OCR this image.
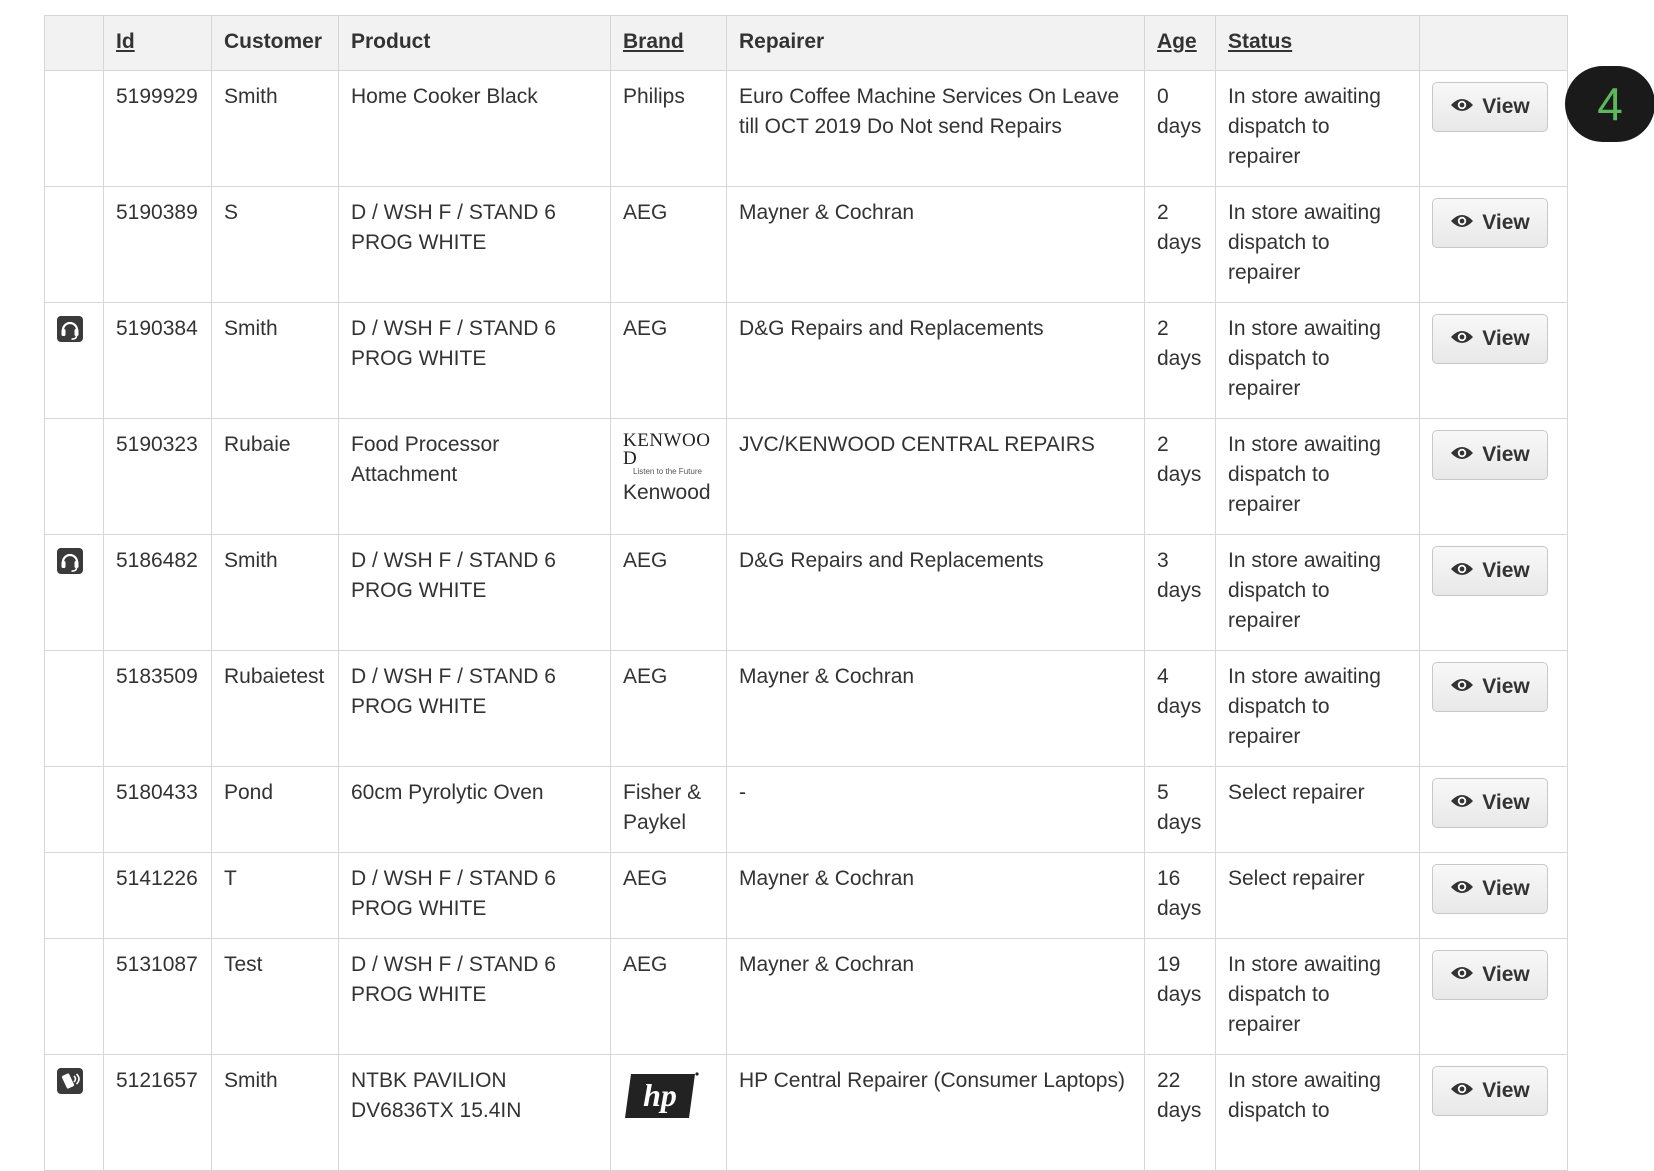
	Id	Customer	Product	Brand	Repairer	Age	Status	
	5199929	Smith	Home Cooker Black	Philips	Euro Coffee Machine Services On Leave till OCT 2019 Do Not send Repairs	0 days	In store awaiting dispatch to repairer	View

	5190389	S	D / WSH F / STAND 6 PROG WHITE	AEG	Mayner & Cochran	2 days	In store awaiting dispatch to repairer	View

	5190384	Smith	D / WSH F / STAND 6 PROG WHITE	AEG	D&G Repairs and Replacements	2 days	In store awaiting dispatch to repairer	View

	5190323	Rubaie	Food Processor Attachment	KENWOOD
Listen to the Future
Kenwood	JVC/KENWOOD CENTRAL REPAIRS	2 days	In store awaiting dispatch to repairer	View

	5186482	Smith	D / WSH F / STAND 6 PROG WHITE	AEG	D&G Repairs and Replacements	3 days	In store awaiting dispatch to repairer	View

	5183509	Rubaietest	D / WSH F / STAND 6 PROG WHITE	AEG	Mayner & Cochran	4 days	In store awaiting dispatch to repairer	View

	5180433	Pond	60cm Pyrolytic Oven	Fisher & Paykel	-	5 days	Select repairer	View

	5141226	T	D / WSH F / STAND 6 PROG WHITE	AEG	Mayner & Cochran	16 days	Select repairer	View

	5131087	Test	D / WSH F / STAND 6 PROG WHITE	AEG	Mayner & Cochran	19 days	In store awaiting dispatch to repairer	View

	5121657	Smith	NTBK PAVILION DV6836TX 15.4IN	hp	HP Central Repairer (Consumer Laptops)	22 days	In store awaiting dispatch to	View
4
